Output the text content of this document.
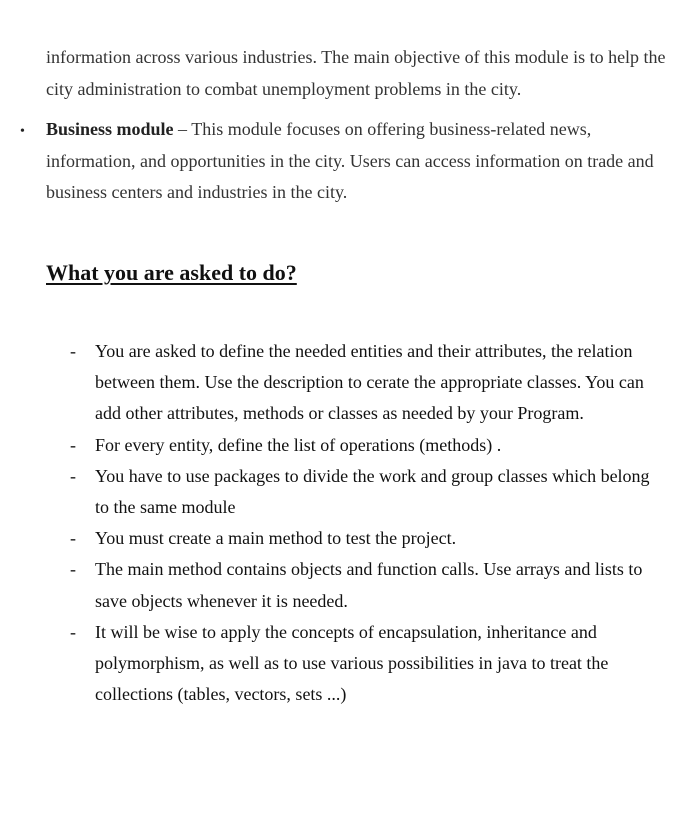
information across various industries. The main objective of this module is to help the city administration to combat unemployment problems in the city.

• Business module – This module focuses on offering business-related news, information, and opportunities in the city. Users can access information on trade and business centers and industries in the city.
What you are asked to do?
- You are asked to define the needed entities and their attributes, the relation between them. Use the description to cerate the appropriate classes. You can add other attributes, methods or classes as needed by your Program.
- For every entity, define the list of operations (methods) .
- You have to use packages to divide the work and group classes which belong to the same module
- You must create a main method to test the project.
- The main method contains objects and function calls. Use arrays and lists to save objects whenever it is needed.
- It will be wise to apply the concepts of encapsulation, inheritance and polymorphism, as well as to use various possibilities in java to treat the collections (tables, vectors, sets ...)
